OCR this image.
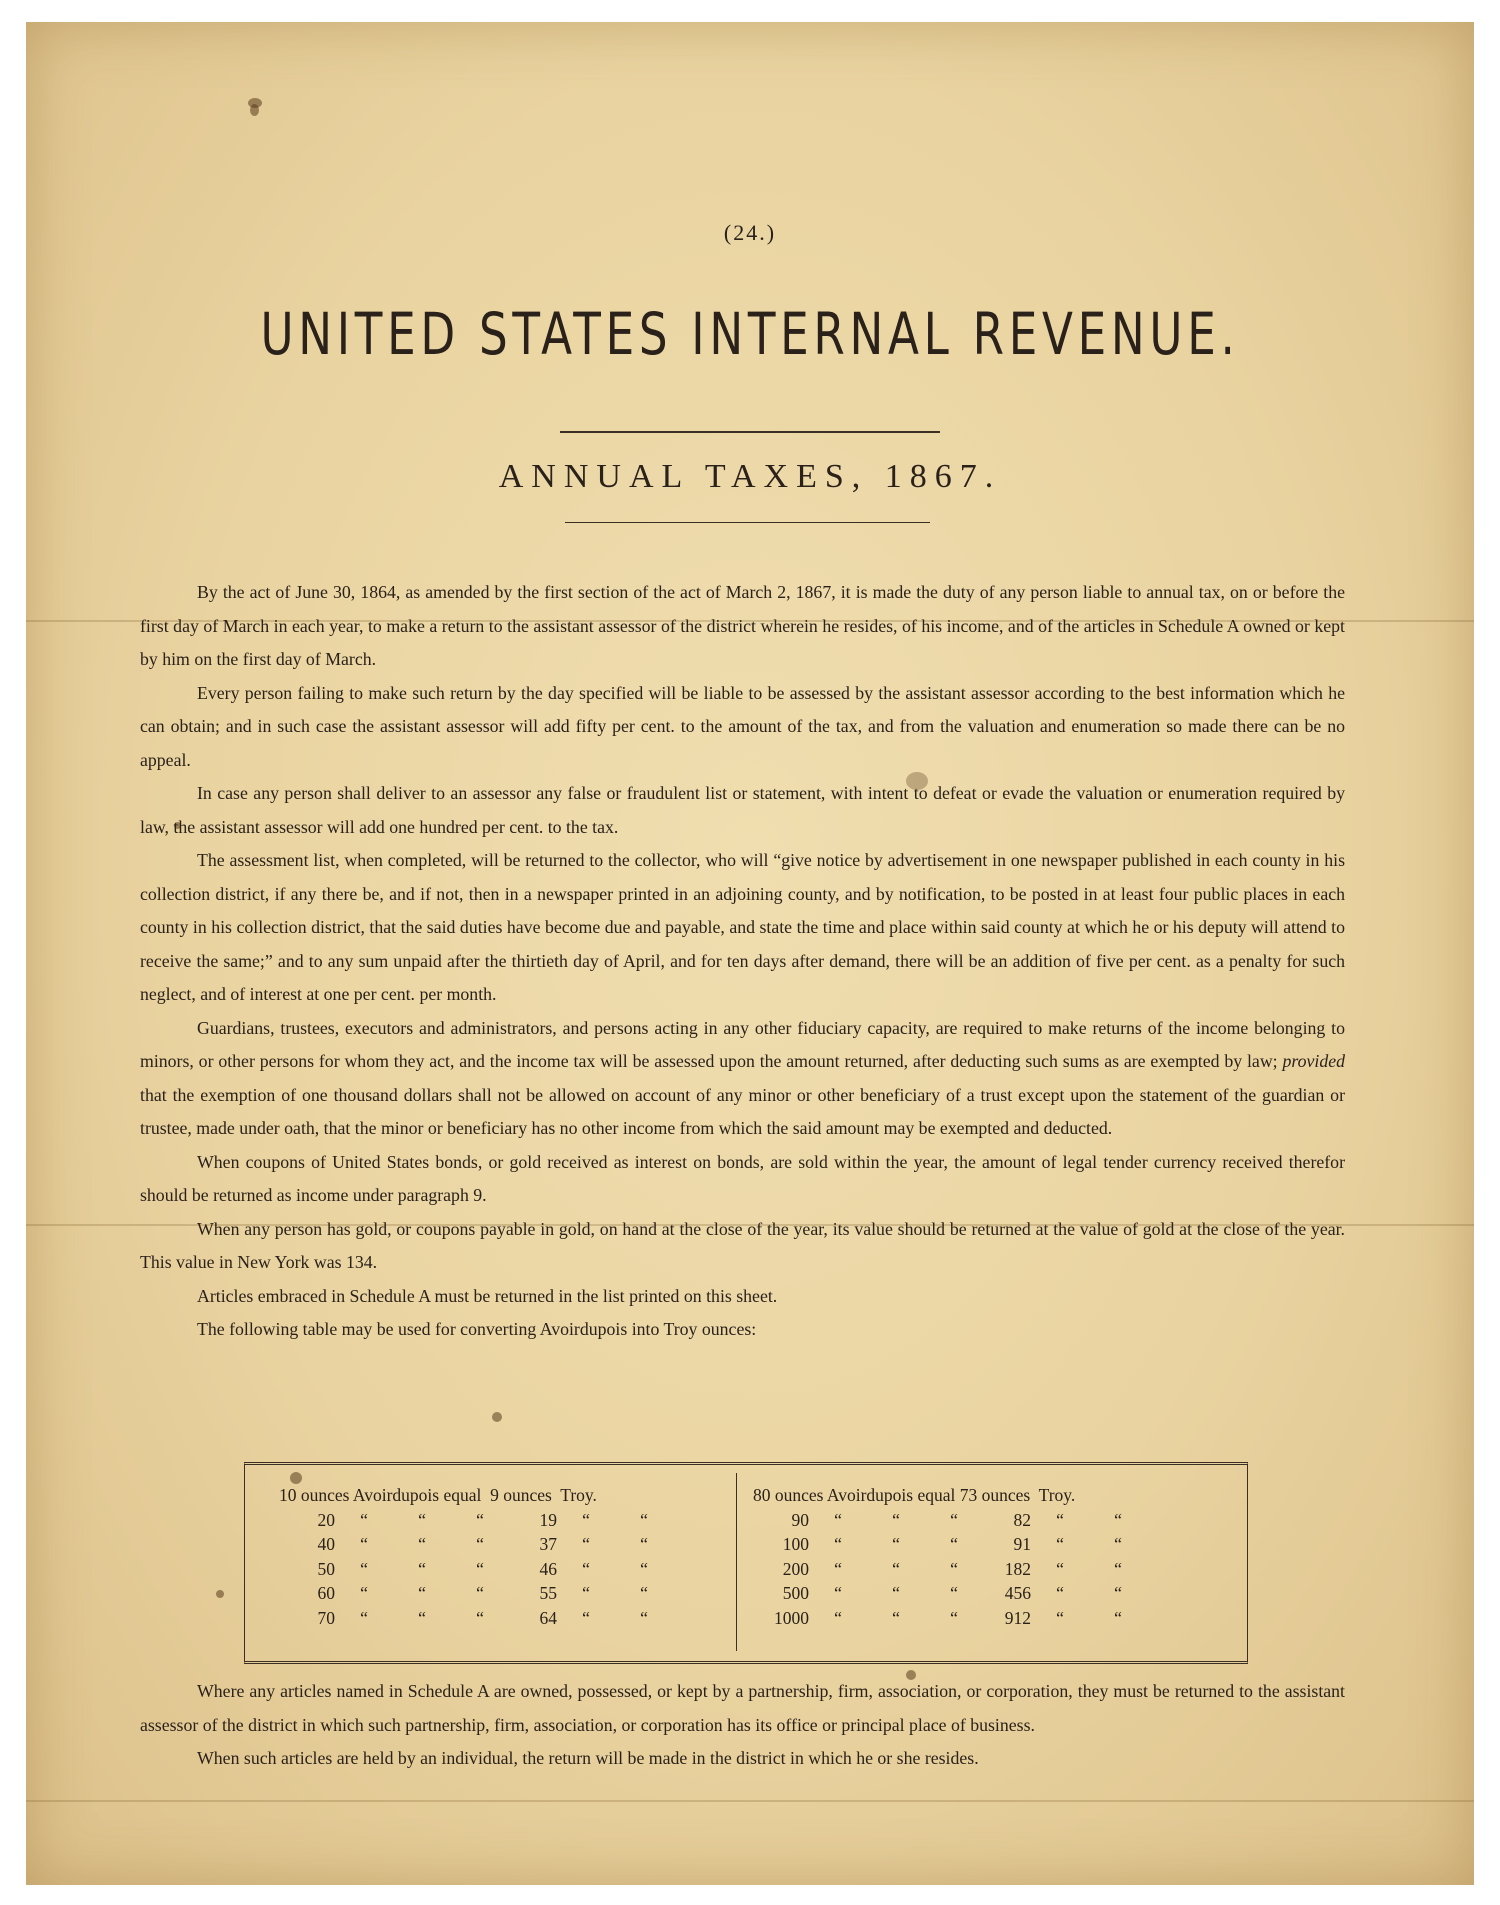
(24.)
UNITED STATES INTERNAL REVENUE.
ANNUAL TAXES, 1867.

By the act of June 30, 1864, as amended by the first section of the act of March 2, 1867, it is made the duty of any person liable to annual tax, on or before the first day of March in each year, to make a return to the assistant assessor of the district wherein he resides, of his income, and of the articles in Schedule A owned or kept by him on the first day of March.

Every person failing to make such return by the day specified will be liable to be assessed by the assistant assessor according to the best information which he can obtain; and in such case the assistant assessor will add fifty per cent. to the amount of the tax, and from the valuation and enumeration so made there can be no appeal.

In case any person shall deliver to an assessor any false or fraudulent list or statement, with intent to defeat or evade the valuation or enumeration required by law, the assistant assessor will add one hundred per cent. to the tax.

The assessment list, when completed, will be returned to the collector, who will “give notice by advertisement in one newspaper published in each county in his collection district, if any there be, and if not, then in a newspaper printed in an adjoining county, and by notification, to be posted in at least four public places in each county in his collection district, that the said duties have become due and payable, and state the time and place within said county at which he or his deputy will attend to receive the same;” and to any sum unpaid after the thirtieth day of April, and for ten days after demand, there will be an addition of five per cent. as a penalty for such neglect, and of interest at one per cent. per month.

Guardians, trustees, executors and administrators, and persons acting in any other fiduciary capacity, are required to make returns of the income belonging to minors, or other persons for whom they act, and the income tax will be assessed upon the amount returned, after deducting such sums as are exempted by law; provided that the exemption of one thousand dollars shall not be allowed on account of any minor or other beneficiary of a trust except upon the statement of the guardian or trustee, made under oath, that the minor or beneficiary has no other income from which the said amount may be exempted and deducted.

When coupons of United States bonds, or gold received as interest on bonds, are sold within the year, the amount of legal tender currency received therefor should be returned as income under paragraph 9.

When any person has gold, or coupons payable in gold, on hand at the close of the year, its value should be returned at the value of gold at the close of the year. This value in New York was 134.

Articles embraced in Schedule A must be returned in the list printed on this sheet.

The following table may be used for converting Avoirdupois into Troy ounces:

10 ounces Avoirdupois equal  9 ounces  Troy.
20 “	“	“	19 “	“
40 “	“	“	37 “	“
50 “	“	“	46 “	“
60 “	“	“	55 “	“
70 “	“	“	64 “	“
80 ounces Avoirdupois equal 73 ounces  Troy.
90 “	“	“	82 “	“
100 “	“	“	91 “	“
200 “	“	“	182 “	“
500 “	“	“	456 “	“
1000 “	“	“	912 “	“

Where any articles named in Schedule A are owned, possessed, or kept by a partnership, firm, association, or corporation, they must be returned to the assistant assessor of the district in which such partnership, firm, association, or corporation has its office or principal place of business.

When such articles are held by an individual, the return will be made in the district in which he or she resides.
